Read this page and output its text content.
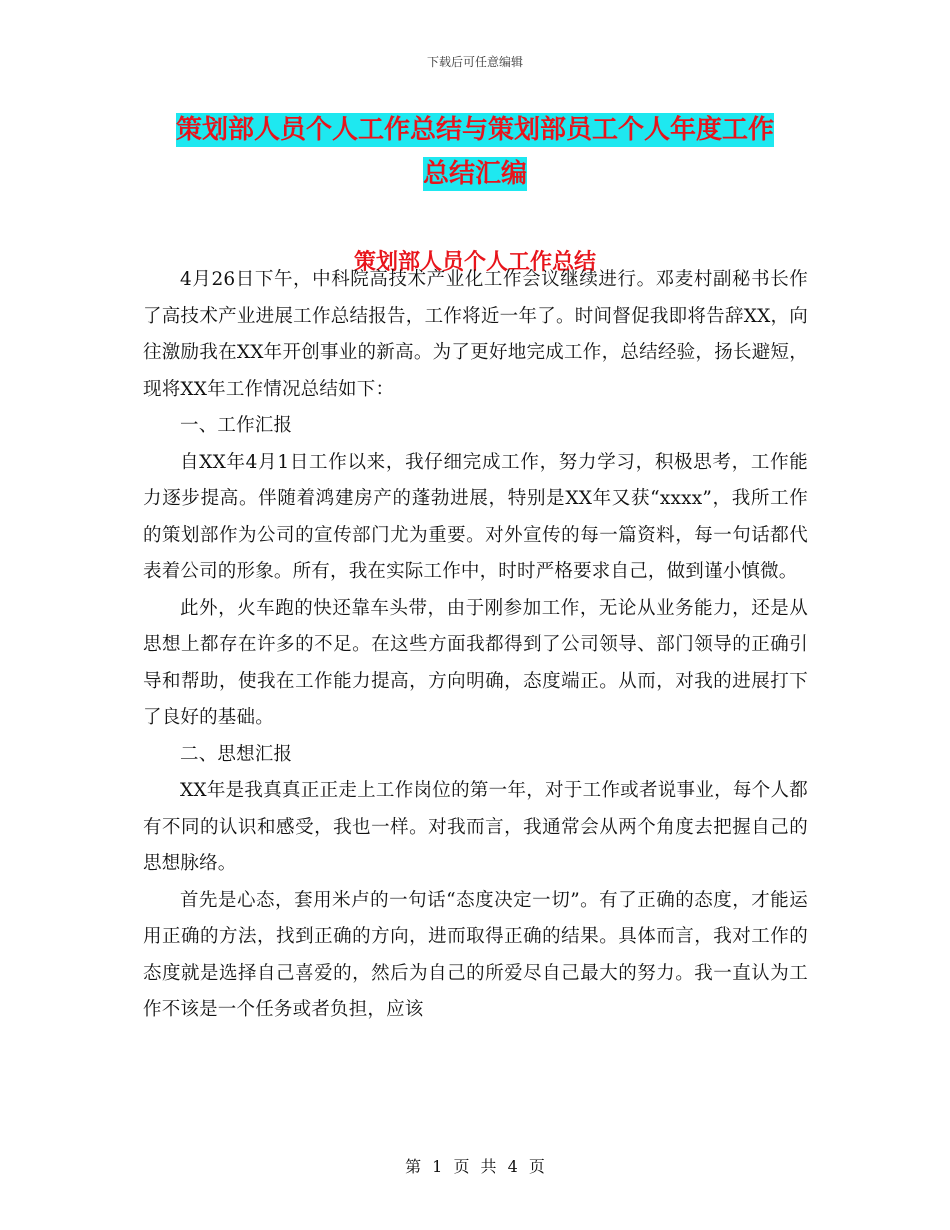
下载后可任意编辑
策划部人员个人工作总结与策划部员工个人年度工作
总结汇编
策划部人员个人工作总结

4月26日下午，中科院高技术产业化工作会议继续进行。邓麦村副秘书长作了高技术产业进展工作总结报告，工作将近一年了。时间督促我即将告辞XX，向往激励我在XX年开创事业的新高。为了更好地完成工作，总结经验，扬长避短，现将XX年工作情况总结如下：

一、工作汇报

自XX年4月1日工作以来，我仔细完成工作，努力学习，积极思考，工作能力逐步提高。伴随着鸿建房产的蓬勃进展，特别是XX年又获“xxxx”，我所工作的策划部作为公司的宣传部门尤为重要。对外宣传的每一篇资料，每一句话都代表着公司的形象。所有，我在实际工作中，时时严格要求自己，做到谨小慎微。

此外，火车跑的快还靠车头带，由于刚参加工作，无论从业务能力，还是从思想上都存在许多的不足。在这些方面我都得到了公司领导、部门领导的正确引导和帮助，使我在工作能力提高，方向明确，态度端正。从而，对我的进展打下了良好的基础。

二、思想汇报

XX年是我真真正正走上工作岗位的第一年，对于工作或者说事业，每个人都有不同的认识和感受，我也一样。对我而言，我通常会从两个角度去把握自己的思想脉络。

首先是心态，套用米卢的一句话“态度决定一切”。有了正确的态度，才能运用正确的方法，找到正确的方向，进而取得正确的结果。具体而言，我对工作的态度就是选择自己喜爱的，然后为自己的所爱尽自己最大的努力。我一直认为工作不该是一个任务或者负担，应该

第 1 页 共 4 页
